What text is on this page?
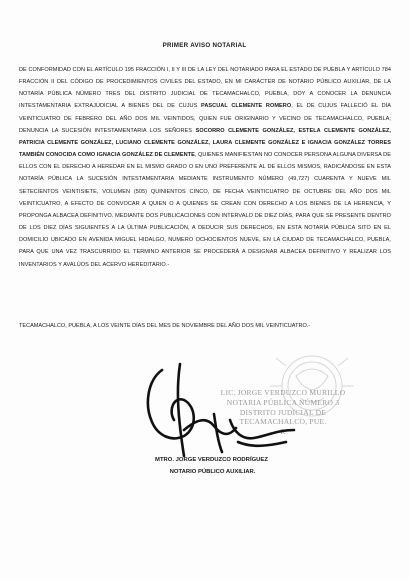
PRIMER AVISO NOTARIAL
DE CONFORMIDAD CON EL ARTÍCULO 195 FRACCIÓN I, II Y III DE LA LEY DEL NOTARIADO PARA EL ESTADO DE PUEBLA Y ARTÍCULO 784 FRACCIÓN II DEL CÓDIGO DE PROCEDIMIENTOS CIVILES DEL ESTADO, EN MI CARÁCTER DE NOTARIO PÚBLICO AUXILIAR, DE LA NOTARÍA PÚBLICA NÚMERO TRES DEL DISTRITO JUDICIAL DE TECAMACHALCO, PUEBLA, DOY A CONOCER LA DENUNCIA INTESTAMENTARIA EXTRAJUDICIAL A BIENES DEL DE CUJUS PASCUAL CLEMENTE ROMERO, EL DE CUJUS FALLECIÓ EL DÍA VEINTICUATRO DE FEBRERO DEL AÑO DOS MIL VEINTIDOS, QUIEN FUE ORIGINARIO Y VECINO DE TECAMACHALCO, PUEBLA; DENUNCIA LA SUCESIÓN INTESTAMENTARIA LOS SEÑORES SOCORRO CLEMENTE GONZÁLEZ, ESTELA CLEMENTE GONZÁLEZ, PATRICIA CLEMENTE GONZÁLEZ, LUCIANO CLEMENTE GONZÁLEZ, LAURA CLEMENTE GONZÁLEZ E IGNACIA GONZÁLEZ TORRES TAMBIÉN CONOCIDA COMO IGNACIA GONZÁLEZ DE CLEMENTE, QUIENES MANIFIESTAN NO CONOCER PERSONA ALGUNA DIVERSA DE ELLOS CON EL DERECHO A HEREDAR EN EL MISMO GRADO O EN UNO PREFERENTE AL DE ELLOS MISMOS, RADICÁNDOSE EN ESTA NOTARÍA PÚBLICA LA SUCESIÓN INTESTAMENTARIA MEDIANTE INSTRUMENTO NÚMERO (49,727) CUARENTA Y NUEVE MIL SETECIENTOS VEINTISIETE, VOLUMEN (505) QUINIENTOS CINCO, DE FECHA VEINTICUATRO DE OCTUBRE DEL AÑO DOS MIL VEINTICUATRO, A EFECTO DE CONVOCAR A QUIEN O A QUIENES SE CREAN CON DERECHO A LOS BIENES DE LA HERENCIA, Y PROPONGA ALBACEA DEFINITIVO. MEDIANTE DOS PUBLICACIONES CON INTERVALO DE DIEZ DÍAS, PARA QUE SE PRESENTE DENTRO DE LOS DIEZ DÍAS SIGUIENTES A LA ÚLTIMA PUBLICACIÓN, A DEDUCIR SUS DERECHOS, EN ESTA NOTARÍA PÚBLICA SITO EN EL DOMICILIO UBICADO EN AVENIDA MIGUEL HIDALGO, NUMERO OCHOCIENTOS NUEVE, EN LA CIUDAD DE TECAMACHALCO, PUEBLA, PARA QUE UNA VEZ TRASCURRIDO EL TERMINO ANTERIOR SE PROCEDERÁ A DESIGNAR ALBACEA DEFINITIVO Y REALIZAR LOS INVENTARIOS Y AVALÚOS DEL ACERVO HEREDITARIO.-
TECAMACHALCO, PUEBLA, A LOS VEINTE DÍAS DEL MES DE NOVIEMBRE DEL AÑO DOS MIL VEINTICUATRO.-
LIC. JORGE VERDUZCO MURILLO
NOTARIA PÚBLICA NÚMERO 3
DISTRITO JUDICIAL DE
TECAMACHALCO, PUE.
R
MTRO. JORGE VERDUZCO RODRÍGUEZ
NOTARIO PÚBLICO AUXILIAR.
